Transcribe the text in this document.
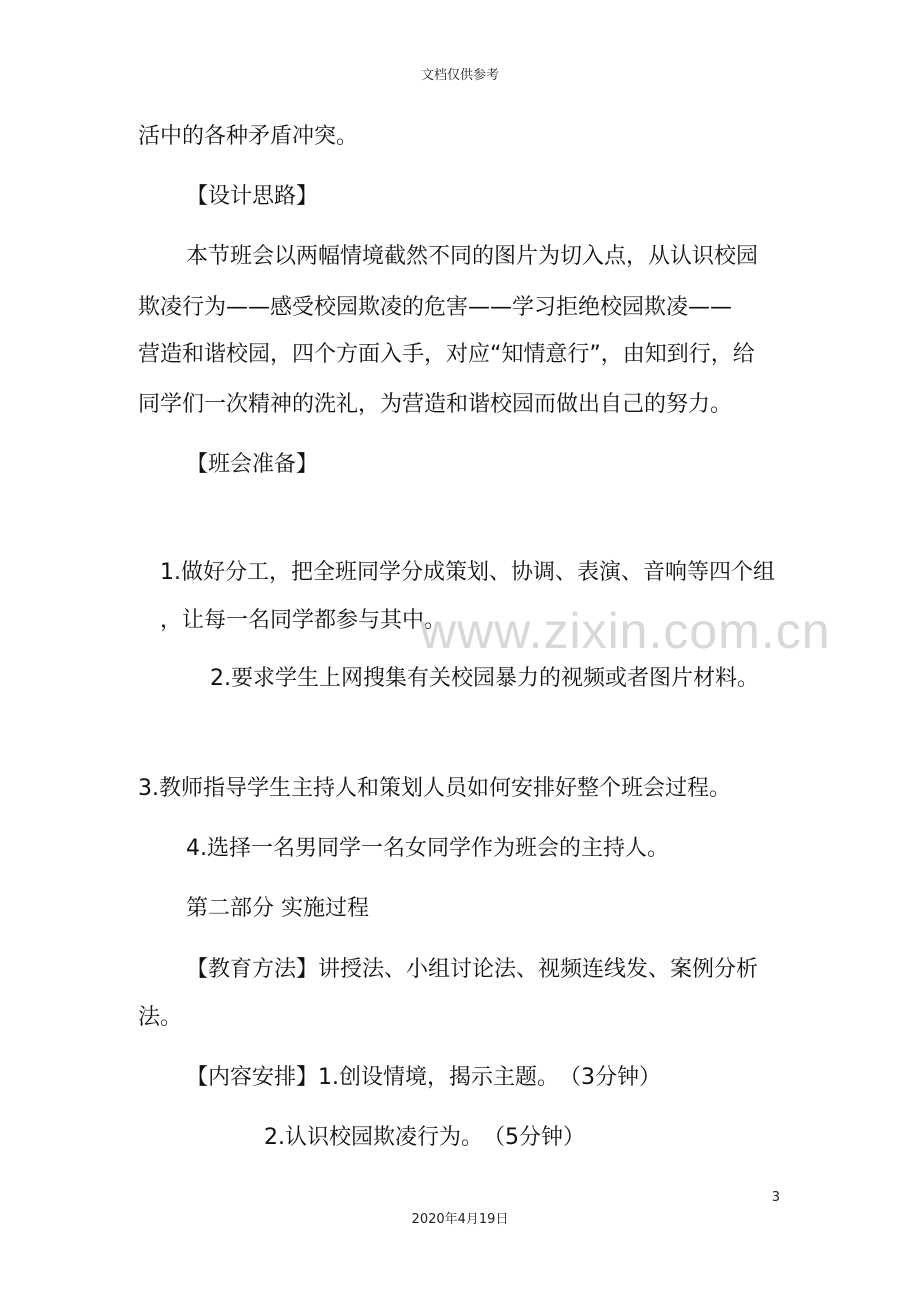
文档仅供参考
活中的各种矛盾冲突。
【设计思路】
本节班会以两幅情境截然不同的图片为切入点，从认识校园
欺凌行为——感受校园欺凌的危害——学习拒绝校园欺凌——
营造和谐校园，四个方面入手，对应“知情意行”，由知到行，给
同学们一次精神的洗礼，为营造和谐校园而做出自己的努力。
【班会准备】
1.做好分工，把全班同学分成策划、协调、表演、音响等四个组
，让每一名同学都参与其中。
2.要求学生上网搜集有关校园暴力的视频或者图片材料。
3.教师指导学生主持人和策划人员如何安排好整个班会过程。
4.选择一名男同学一名女同学作为班会的主持人。
第二部分 实施过程
【教育方法】讲授法、小组讨论法、视频连线发、案例分析
法。
【内容安排】1.创设情境，揭示主题。　（3分钟）
2.认识校园欺凌行为。　（5分钟）
www.zixin.com.cn
3
2020年4月19日
